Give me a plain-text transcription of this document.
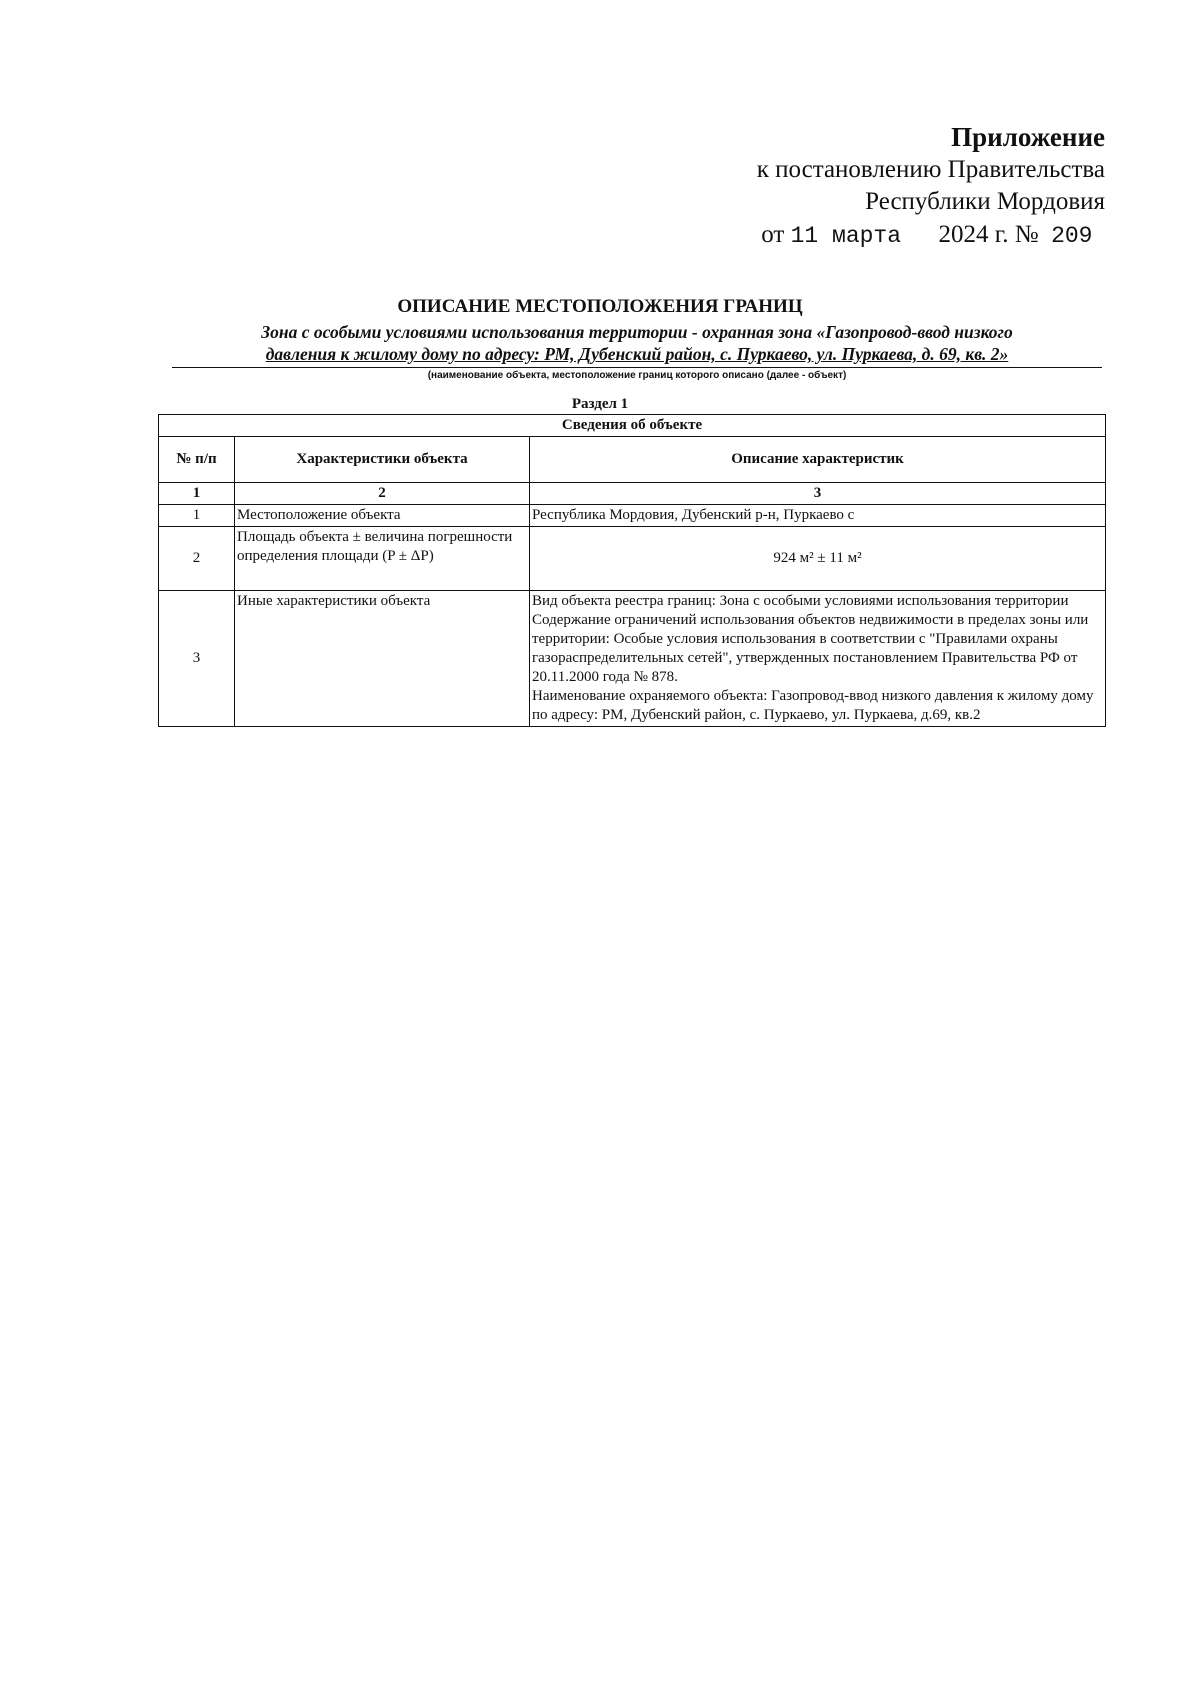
Приложение
к постановлению Правительства
Республики Мордовия
от 11 марта 2024 г. № 209
ОПИСАНИЕ МЕСТОПОЛОЖЕНИЯ ГРАНИЦ
Зона с особыми условиями использования территории - охранная зона «Газопровод-ввод низкого
давления к жилому дому по адресу: РМ, Дубенский район, с. Пуркаево, ул. Пуркаева, д. 69, кв. 2»
(наименование объекта, местоположение границ которого описано (далее - объект)
Раздел 1
Сведения об объекте		
№ п/п	Характеристики объекта	Описание характеристик
1	2	3
1	Местоположение объекта	Республика Мордовия, Дубенский р-н, Пуркаево с
2	Площадь объекта ± величина погрешности определения площади (P ± ΔP)	924 м² ± 11 м²
3	Иные характеристики объекта	Вид объекта реестра границ: Зона с особыми условиями использования территории
Содержание ограничений использования объектов недвижимости в пределах зоны или территории: Особые условия использования в соответствии с "Правилами охраны газораспределительных сетей", утвержденных постановлением Правительства РФ от 20.11.2000 года № 878.
Наименование охраняемого объекта: Газопровод-ввод низкого давления к жилому дому по адресу: РМ, Дубенский район, с. Пуркаево, ул. Пуркаева, д.69, кв.2
